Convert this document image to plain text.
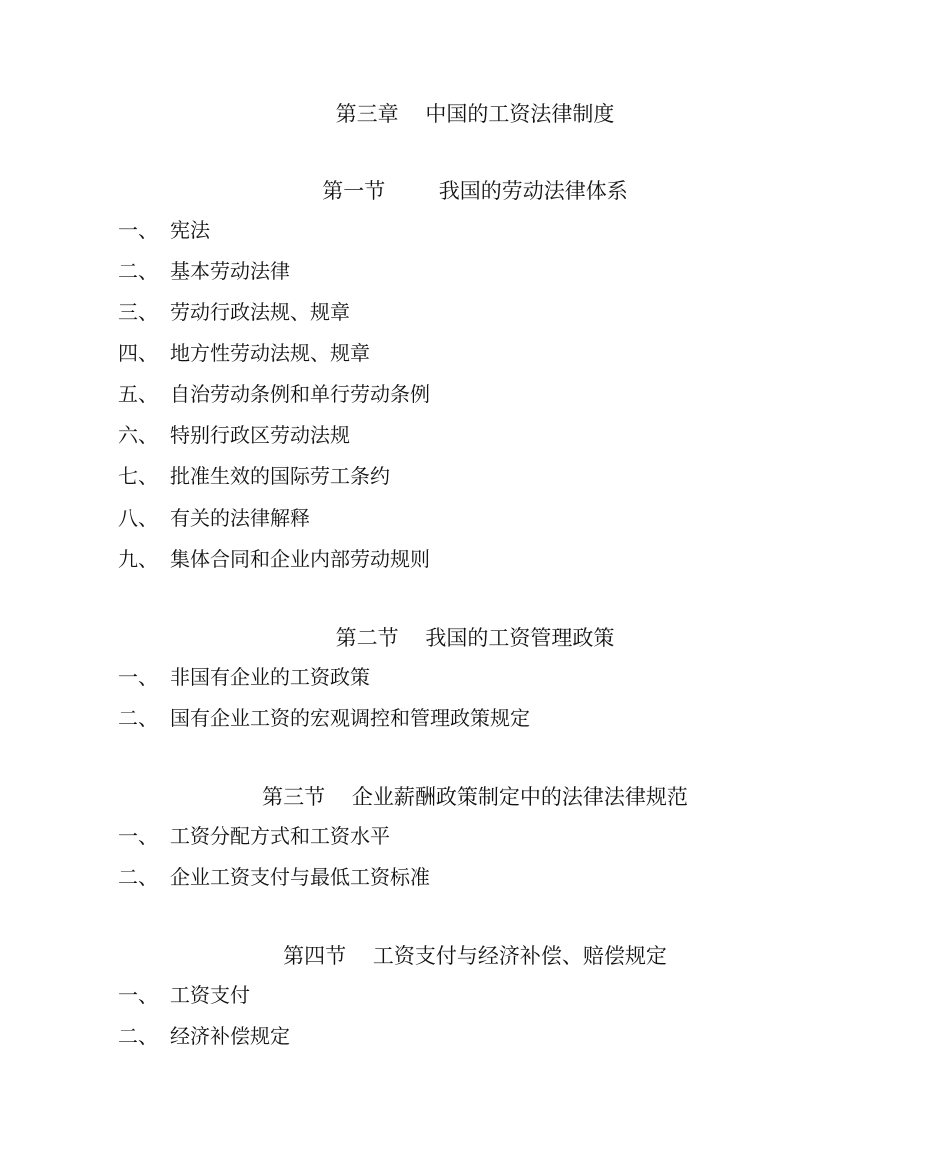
第三章    中国的工资法律制度
第一节        我国的劳动法律体系
一、 宪法
二、 基本劳动法律
三、 劳动行政法规、规章
四、 地方性劳动法规、规章
五、 自治劳动条例和单行劳动条例
六、 特别行政区劳动法规
七、 批准生效的国际劳工条约
八、 有关的法律解释
九、 集体合同和企业内部劳动规则
第二节    我国的工资管理政策
一、 非国有企业的工资政策
二、 国有企业工资的宏观调控和管理政策规定
第三节    企业薪酬政策制定中的法律法律规范
一、 工资分配方式和工资水平
二、 企业工资支付与最低工资标准
第四节    工资支付与经济补偿、赔偿规定
一、 工资支付
二、 经济补偿规定
